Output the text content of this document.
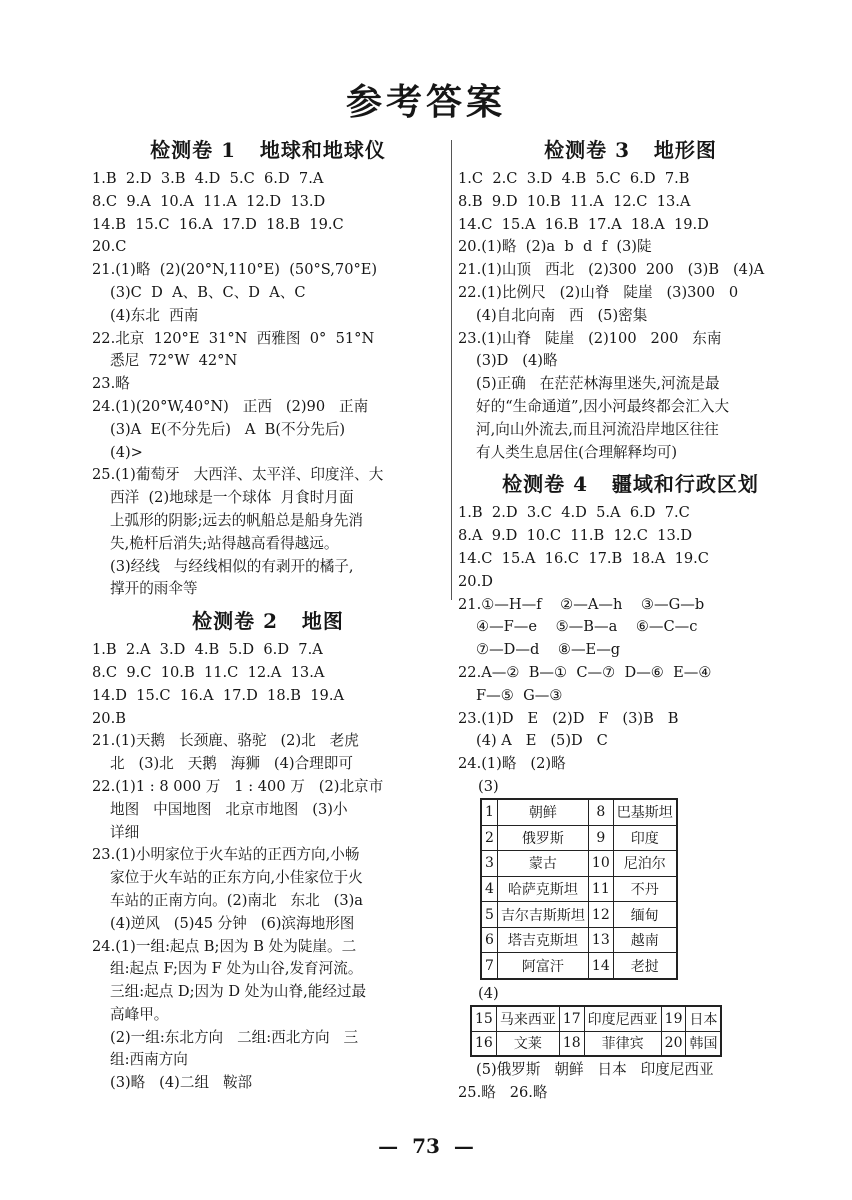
参考答案
检测卷 1   地球和地球仪
1.B  2.D  3.B  4.D  5.C  6.D  7.A
8.C  9.A  10.A  11.A  12.D  13.D
14.B  15.C  16.A  17.D  18.B  19.C
20.C
21.(1)略  (2)(20°N,110°E)  (50°S,70°E)
(3)C  D  A、B、C、D  A、C
(4)东北  西南
22.北京  120°E  31°N  西雅图  0°  51°N
悉尼  72°W  42°N
23.略
24.(1)(20°W,40°N)   正西   (2)90   正南
(3)A  E(不分先后)   A  B(不分先后)
(4)>
25.(1)葡萄牙   大西洋、太平洋、印度洋、大
西洋  (2)地球是一个球体  月食时月面
上弧形的阴影;远去的帆船总是船身先消
失,桅杆后消失;站得越高看得越远。
(3)经线   与经线相似的有剥开的橘子,
撑开的雨伞等
检测卷 2   地图
1.B  2.A  3.D  4.B  5.D  6.D  7.A
8.C  9.C  10.B  11.C  12.A  13.A
14.D  15.C  16.A  17.D  18.B  19.A
20.B
21.(1)天鹅   长颈鹿、骆驼   (2)北   老虎
北   (3)北   天鹅   海狮   (4)合理即可
22.(1)1 : 8 000 万   1 : 400 万   (2)北京市
地图   中国地图   北京市地图   (3)小
详细
23.(1)小明家位于火车站的正西方向,小畅
家位于火车站的正东方向,小佳家位于火
车站的正南方向。(2)南北   东北   (3)a
(4)逆风   (5)45 分钟   (6)滨海地形图
24.(1)一组:起点 B;因为 B 处为陡崖。二
组:起点 F;因为 F 处为山谷,发育河流。
三组:起点 D;因为 D 处为山脊,能经过最
高峰甲。
(2)一组:东北方向   二组:西北方向   三
组:西南方向
(3)略   (4)二组   鞍部
检测卷 3   地形图
1.C  2.C  3.D  4.B  5.C  6.D  7.B
8.B  9.D  10.B  11.A  12.C  13.A
14.C  15.A  16.B  17.A  18.A  19.D
20.(1)略  (2)a  b  d  f  (3)陡
21.(1)山顶   西北   (2)300  200   (3)B   (4)A
22.(1)比例尺   (2)山脊   陡崖   (3)300   0
(4)自北向南   西   (5)密集
23.(1)山脊   陡崖   (2)100   200   东南
(3)D   (4)略
(5)正确   在茫茫林海里迷失,河流是最
好的“生命通道”,因小河最终都会汇入大
河,向山外流去,而且河流沿岸地区往往
有人类生息居住(合理解释均可)
检测卷 4   疆域和行政区划
1.B  2.D  3.C  4.D  5.A  6.D  7.C
8.A  9.D  10.C  11.B  12.C  13.D
14.C  15.A  16.C  17.B  18.A  19.C
20.D
21.①—H—f    ②—A—h    ③—G—b
④—F—e    ⑤—B—a    ⑥—C—c
⑦—D—d    ⑧—E—g
22.A—②  B—①  C—⑦  D—⑥  E—④
F—⑤  G—③
23.(1)D   E   (2)D   F   (3)B   B
(4) A   E   (5)D   C
24.(1)略   (2)略
(3)
1	朝鲜	8	巴基斯坦
2	俄罗斯	9	印度
3	蒙古	10	尼泊尔
4	哈萨克斯坦	11	不丹
5	吉尔吉斯斯坦	12	缅甸
6	塔吉克斯坦	13	越南
7	阿富汗	14	老挝
(4)
15	马来西亚	17	印度尼西亚	19	日本
16	文莱	18	菲律宾	20	韩国
(5)俄罗斯   朝鲜   日本   印度尼西亚
25.略   26.略
—  73  —
